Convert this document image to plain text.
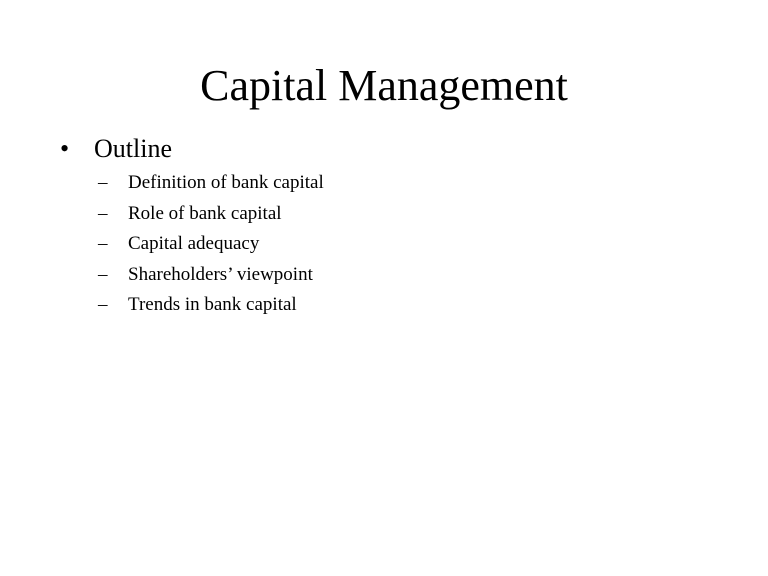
Capital Management
• Outline
– Definition of bank capital
– Role of bank capital
– Capital adequacy
– Shareholders’ viewpoint
– Trends in bank capital
